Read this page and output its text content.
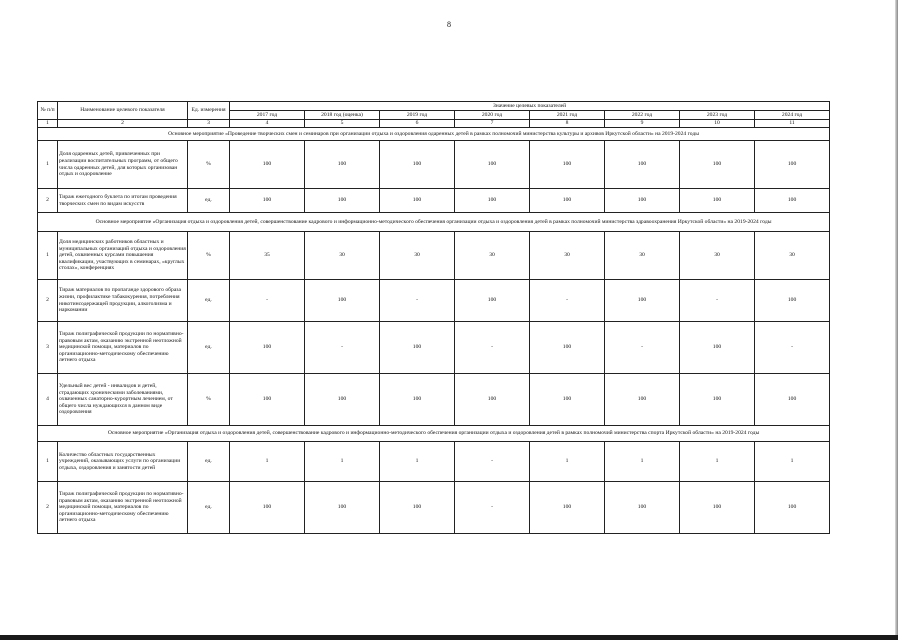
8
№ п/п	Наименование целевого показателя	Ед. измерения	Значение целевых показателей							
			2017 год	2018 год (оценка)	2019 год	2020 год	2021 год	2022 год	2023 год	2024 год
1	2	3	4	5	6	7	8	9	10	11
Основное мероприятие «Проведение творческих смен и семинаров при организации отдыха и оздоровления одаренных детей в рамках полномочий министерства культуры и архивов Иркутской области» на 2019-2024 годы										
1	Доля одаренных детей, привлеченных при реализации воспитательных программ, от общего числа одаренных детей, для которых организован отдых и оздоровление	%	100	100	100	100	100	100	100	100
2	Тираж ежегодного буклета по итогам проведения творческих смен по видам искусств	ед.	100	100	100	100	100	100	100	100
Основное мероприятие «Организация отдыха и оздоровления детей, совершенствование кадрового и информационно-методического обеспечения организации отдыха и оздоровления детей в рамках полномочий министерства здравоохранения Иркутской области» на 2019-2024 годы										
1	Доля медицинских работников областных и муниципальных организаций отдыха и оздоровления детей, охваченных курсами повышения квалификации, участвующих в семинарах, «круглых столах», конференциях	%	35	30	30	30	30	30	30	30
2	Тираж материалов по пропаганде здорового образа жизни, профилактике табакокурения, потребления никотинсодержащей продукции, алкоголизма и наркомании	ед.	-	100	-	100	-	100	-	100
3	Тираж полиграфической продукции по нормативно-правовым актам, оказанию экстренной неотложной медицинской помощи, материалов по организационно-методическому обеспечению летнего отдыха	ед.	100	-	100	-	100	-	100	-
4	Удельный вес детей - инвалидов и детей, страдающих хроническими заболеваниями, охваченных санаторно-курортным лечением, от общего числа нуждающихся в данном виде оздоровления	%	100	100	100	100	100	100	100	100
Основное мероприятие «Организация отдыха и оздоровления детей, совершенствование кадрового и информационно-методического обеспечения организации отдыха и оздоровления детей в рамках полномочий министерства спорта Иркутской области» на 2019-2024 годы										
1	Количество областных государственных учреждений, оказывающих услуги по организации отдыха, оздоровления и занятости детей	ед.	1	1	1	-	1	1	1	1
2	Тираж полиграфической продукции по нормативно-правовым актам, оказанию экстренной неотложной медицинской помощи, материалов по организационно-методическому обеспечению летнего отдыха	ед.	100	100	100	-	100	100	100	100
